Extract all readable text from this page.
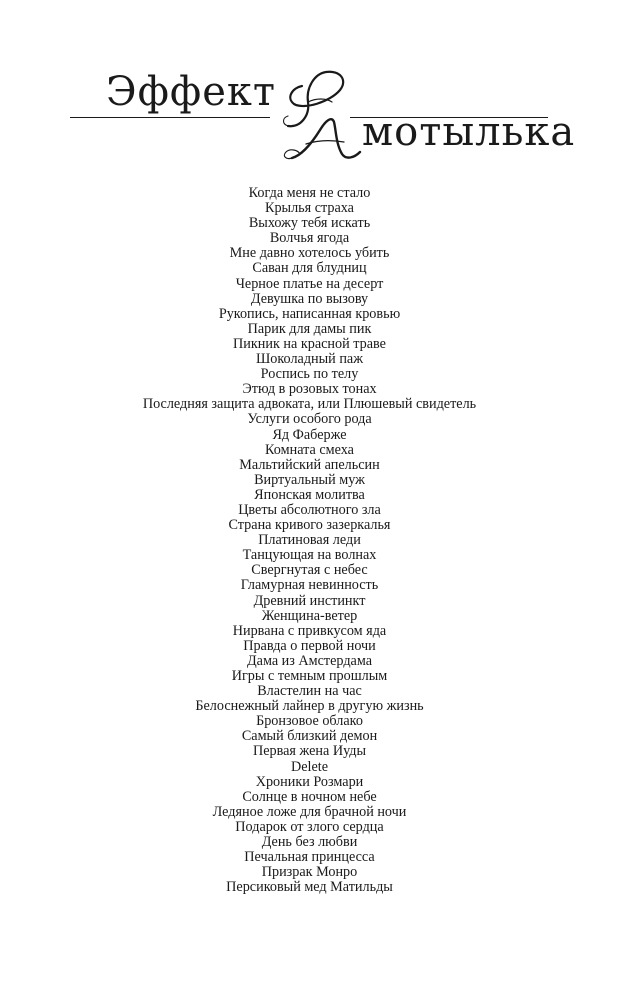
Эффект
мотылька
Когда меня не стало
Крылья страха
Выхожу тебя искать
Волчья ягода
Мне давно хотелось убить
Саван для блудниц
Черное платье на десерт
Девушка по вызову
Рукопись, написанная кровью
Парик для дамы пик
Пикник на красной траве
Шоколадный паж
Роспись по телу
Этюд в розовых тонах
Последняя защита адвоката, или Плюшевый свидетель
Услуги особого рода
Яд Фаберже
Комната смеха
Мальтийский апельсин
Виртуальный муж
Японская молитва
Цветы абсолютного зла
Страна кривого зазеркалья
Платиновая леди
Танцующая на волнах
Свергнутая с небес
Гламурная невинность
Древний инстинкт
Женщина-ветер
Нирвана с привкусом яда
Правда о первой ночи
Дама из Амстердама
Игры с темным прошлым
Властелин на час
Белоснежный лайнер в другую жизнь
Бронзовое облако
Самый близкий демон
Первая жена Иуды
Delete
Хроники Розмари
Солнце в ночном небе
Ледяное ложе для брачной ночи
Подарок от злого сердца
День без любви
Печальная принцесса
Призрак Монро
Персиковый мед Матильды
